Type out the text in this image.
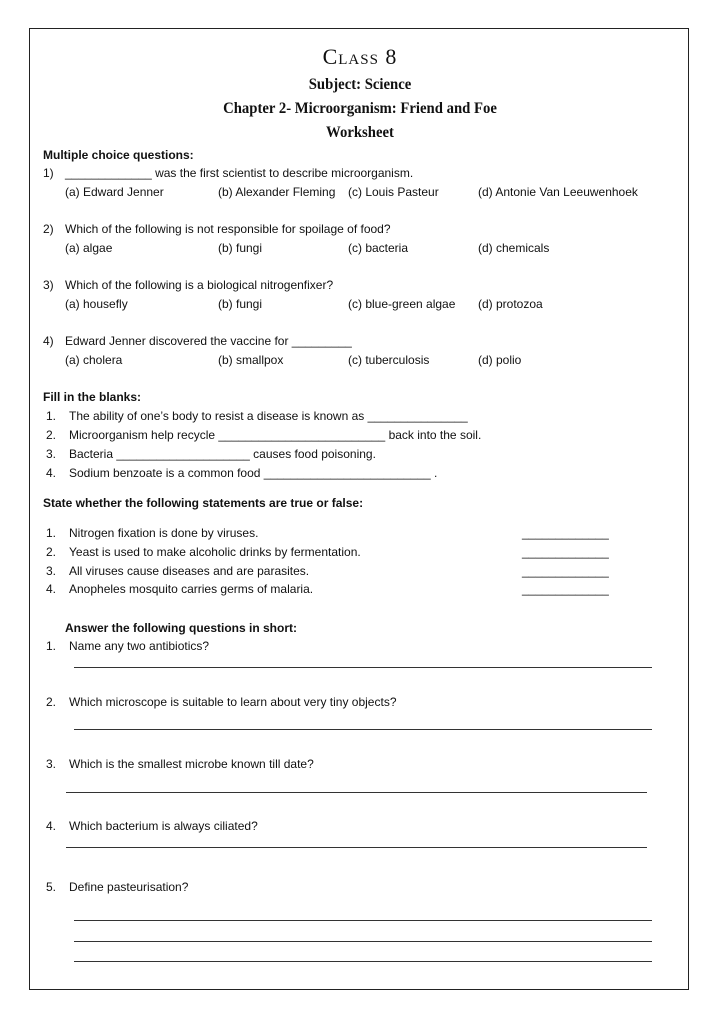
Class 8
Subject: Science
Chapter 2- Microorganism: Friend and Foe
Worksheet
Multiple choice questions:
1) _____________ was the first scientist to describe microorganism.
(a) Edward Jenner	(b) Alexander Fleming (c) Louis Pasteur	(d) Antonie Van Leeuwenhoek
2) Which of the following is not responsible for spoilage of food?
(a) algae	(b) fungi	(c) bacteria	(d) chemicals
3) Which of the following is a biological nitrogenfixer?
(a) housefly	(b) fungi	(c) blue-green algae (d) protozoa
4) Edward Jenner discovered the vaccine for _________
(a) cholera	(b) smallpox	(c) tuberculosis	(d) polio
Fill in the blanks:
1. The ability of one’s body to resist a disease is known as _______________
2. Microorganism help recycle _________________________ back into the soil.
3. Bacteria ____________________ causes food poisoning.
4. Sodium benzoate is a common food _________________________ .
State whether the following statements are true or false:
1. Nitrogen fixation is done by viruses.	_____________
2. Yeast is used to make alcoholic drinks by fermentation.	_____________
3. All viruses cause diseases and are parasites.	_____________
4. Anopheles mosquito carries germs of malaria.	_____________
Answer the following questions in short:
1. Name any two antibiotics?
2. Which microscope is suitable to learn about very tiny objects?
3. Which is the smallest microbe known till date?
4. Which bacterium is always ciliated?
5. Define pasteurisation?
